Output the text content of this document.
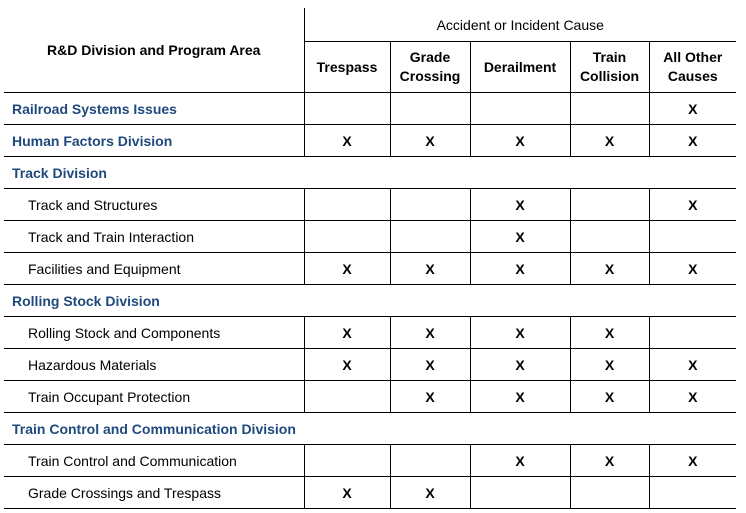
R&D Division and Program Area	Accident or Incident Cause				
	Trespass	Grade Crossing	Derailment	Train Collision	All Other Causes
Railroad Systems Issues					X
Human Factors Division	X	X	X	X	X
Track Division					
Track and Structures			X		X
Track and Train Interaction			X		
Facilities and Equipment	X	X	X	X	X
Rolling Stock Division					
Rolling Stock and Components	X	X	X	X	
Hazardous Materials	X	X	X	X	X
Train Occupant Protection		X	X	X	X
Train Control and Communication Division					
Train Control and Communication			X	X	X
Grade Crossings and Trespass	X	X			
